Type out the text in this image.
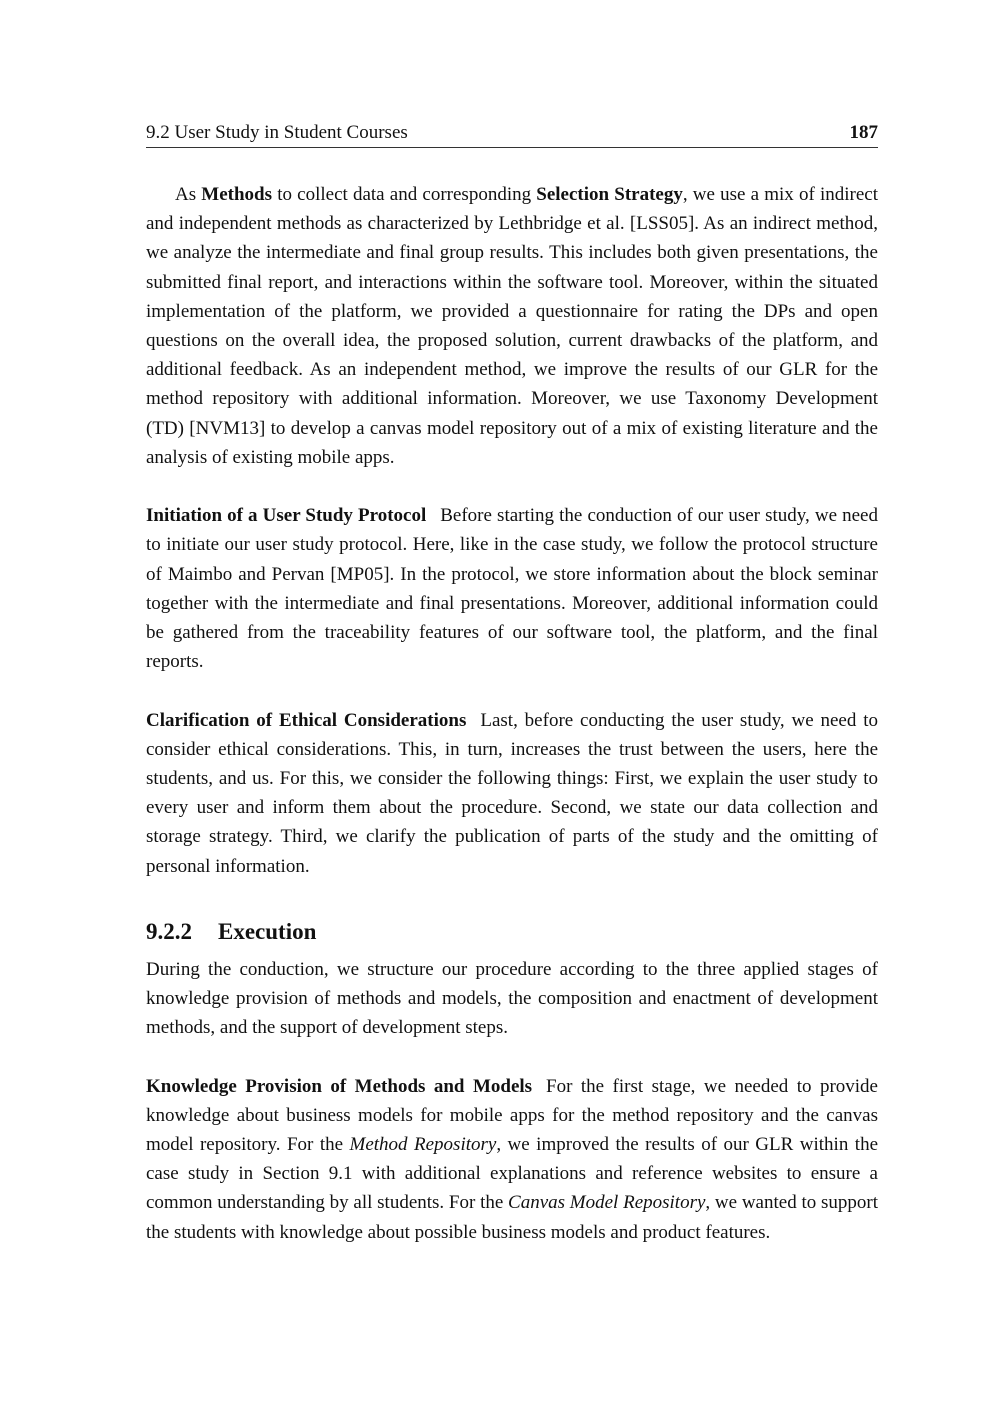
9.2 User Study in Student Courses	187

As Methods to collect data and corresponding Selection Strategy, we use a mix of indirect and independent methods as characterized by Lethbridge et al. [LSS05]. As an indirect method, we analyze the intermediate and final group results. This includes both given presentations, the submitted final report, and interactions within the software tool. Moreover, within the situated implementation of the platform, we provided a questionnaire for rating the DPs and open questions on the overall idea, the proposed solution, current drawbacks of the platform, and additional feedback. As an independent method, we improve the results of our GLR for the method repository with additional information. Moreover, we use Taxonomy Development (TD) [NVM13] to develop a canvas model repository out of a mix of existing literature and the analysis of existing mobile apps.

Initiation of a User Study Protocol Before starting the conduction of our user study, we need to initiate our user study protocol. Here, like in the case study, we follow the protocol structure of Maimbo and Pervan [MP05]. In the protocol, we store information about the block seminar together with the intermediate and final presentations. Moreover, additional information could be gathered from the traceability features of our software tool, the platform, and the final reports.

Clarification of Ethical Considerations Last, before conducting the user study, we need to consider ethical considerations. This, in turn, increases the trust between the users, here the students, and us. For this, we consider the following things: First, we explain the user study to every user and inform them about the procedure. Second, we state our data collection and storage strategy. Third, we clarify the publication of parts of the study and the omitting of personal information.

9.2.2 Execution

During the conduction, we structure our procedure according to the three applied stages of knowledge provision of methods and models, the composition and enactment of development methods, and the support of development steps.

Knowledge Provision of Methods and Models For the first stage, we needed to provide knowledge about business models for mobile apps for the method repository and the canvas model repository. For the Method Repository, we improved the results of our GLR within the case study in Section 9.1 with additional explanations and reference websites to ensure a common understanding by all students. For the Canvas Model Repository, we wanted to support the students with knowledge about possible business models and product features.
